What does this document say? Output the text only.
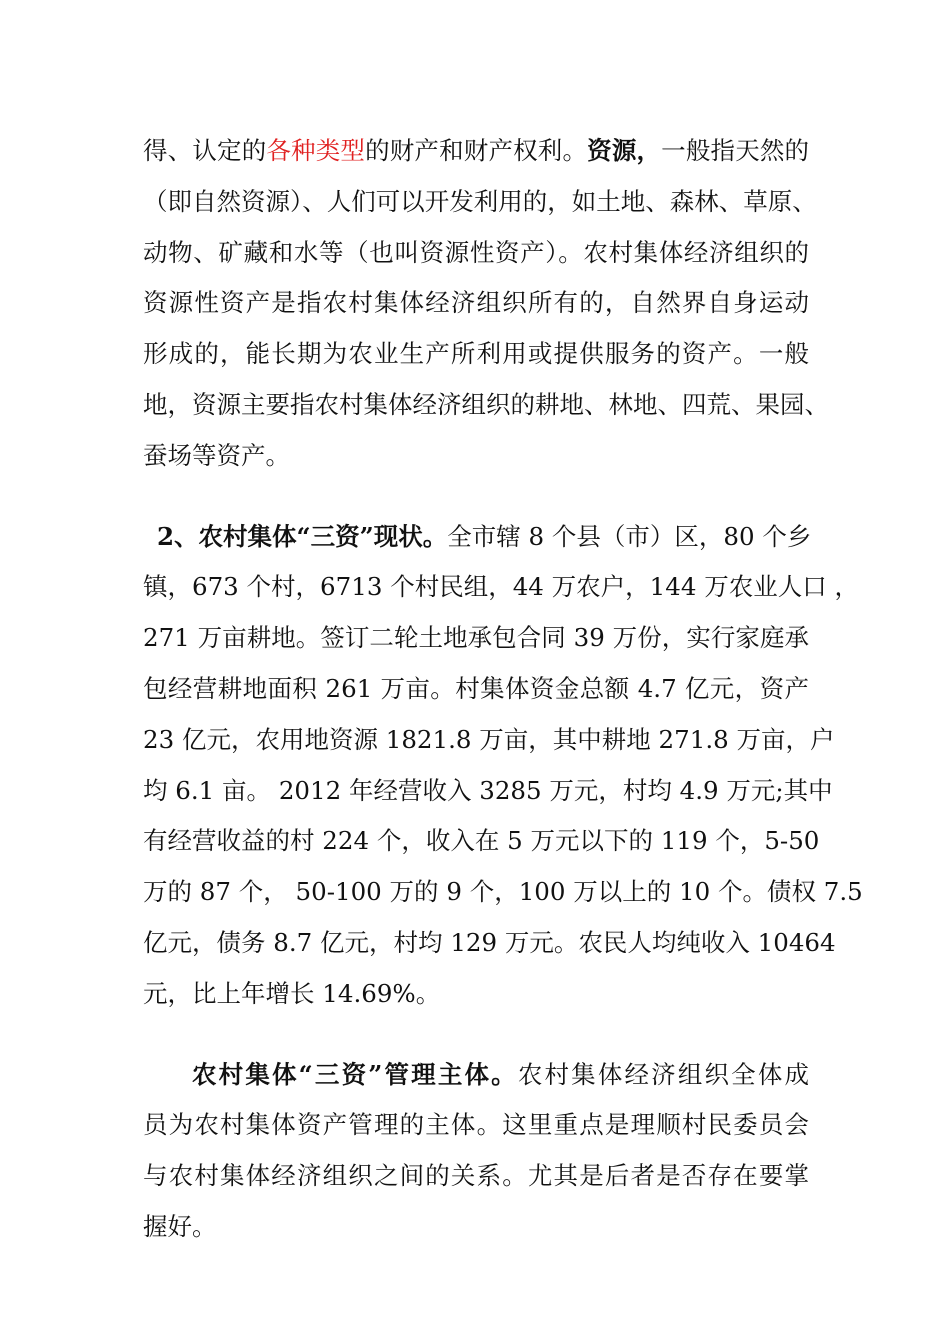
得、认定的各种类型的财产和财产权利。资源，一般指天然的
（即自然资源）、人们可以开发利用的，如土地、森林、草原、
动物、矿藏和水等（也叫资源性资产）。农村集体经济组织的
资源性资产是指农村集体经济组织所有的，自然界自身运动
形成的，能长期为农业生产所利用或提供服务的资产。一般
地，资源主要指农村集体经济组织的耕地、林地、四荒、果园、
蚕场等资产。
2、农村集体“三资”现状。全市辖 8 个县（市）区，80 个乡
镇，673 个村，6713 个村民组，44 万农户，144 万农业人口 ，
271 万亩耕地。签订二轮土地承包合同 39 万份，实行家庭承
包经营耕地面积 261 万亩。村集体资金总额 4.7 亿元，资产
23 亿元，农用地资源 1821.8 万亩，其中耕地 271.8 万亩，户
均 6.1 亩。 2012 年经营收入 3285 万元，村均 4.9 万元;其中
有经营收益的村 224 个，收入在 5 万元以下的 119 个，5-50
万的 87 个， 50-100 万的 9 个，100 万以上的 10 个。债权 7.5
亿元，债务 8.7 亿元，村均 129 万元。农民人均纯收入 10464
元，比上年增长 14.69%。
农村集体“三资”管理主体。农村集体经济组织全体成
员为农村集体资产管理的主体。这里重点是理顺村民委员会
与农村集体经济组织之间的关系。尤其是后者是否存在要掌
握好。
